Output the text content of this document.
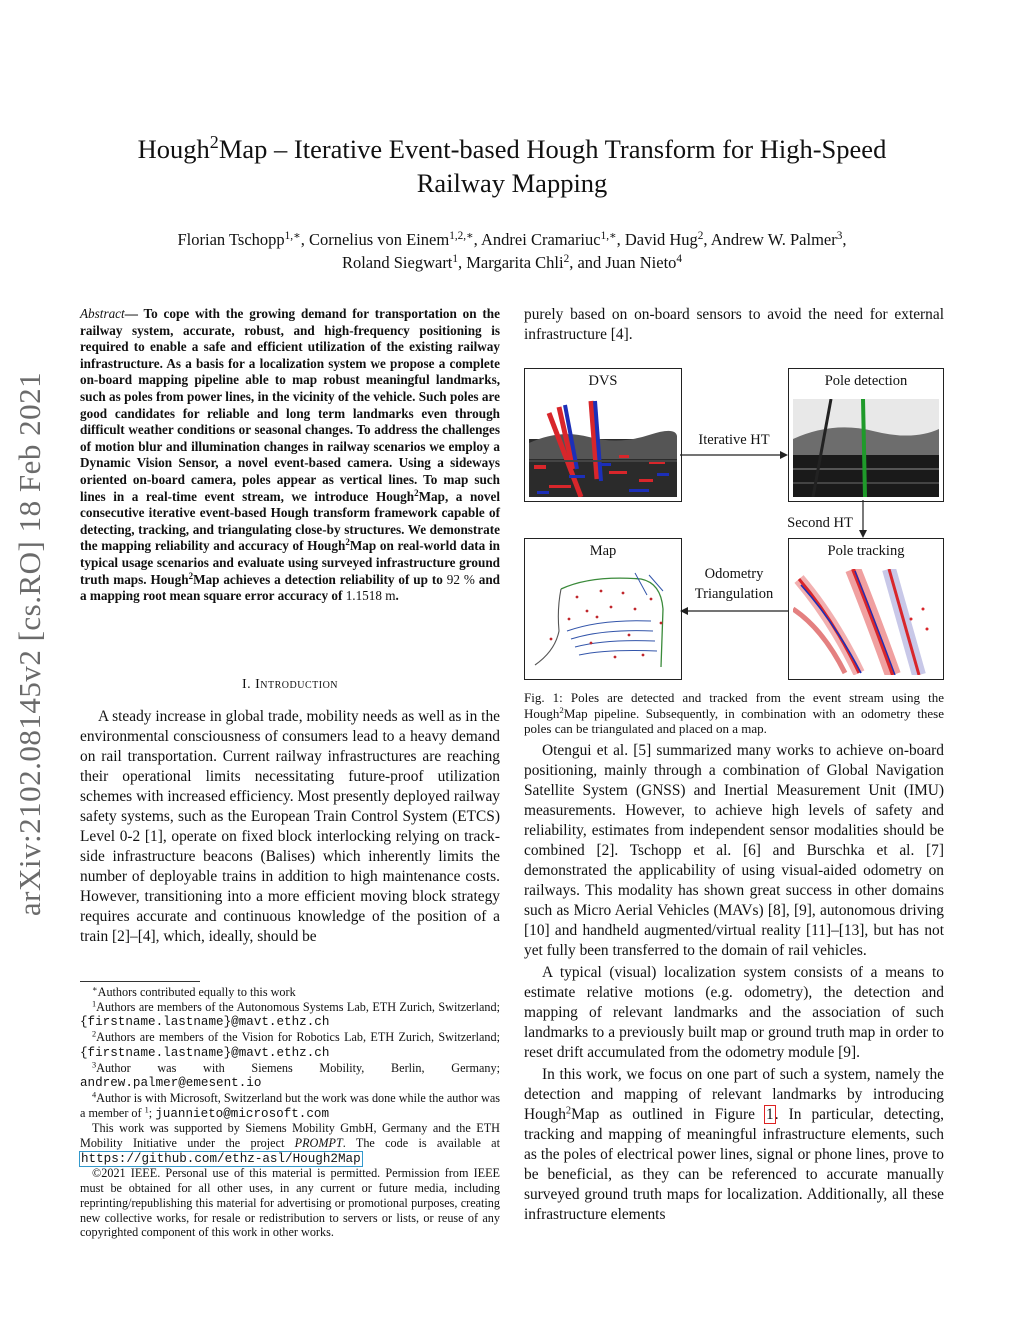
arXiv:2102.08145v2 [cs.RO] 18 Feb 2021
Hough$^2$Map – Iterative Event-based Hough Transform for High-Speed
Railway Mapping
Florian Tschopp$^{1,∗}$, Cornelius von Einem$^{1,2,∗}$, Andrei Cramariuc$^{1,∗}$, David Hug$^2$, Andrew W. Palmer$^3$,
Roland Siegwart$^1$, Margarita Chli$^2$, and Juan Nieto$^4$
Abstract— To cope with the growing demand for transportation on the railway system, accurate, robust, and high-frequency positioning is required to enable a safe and efficient utilization of the existing railway infrastructure. As a basis for a localization system we propose a complete on-board mapping pipeline able to map robust meaningful landmarks, such as poles from power lines, in the vicinity of the vehicle. Such poles are good candidates for reliable and long term landmarks even through difficult weather conditions or seasonal changes. To address the challenges of motion blur and illumination changes in railway scenarios we employ a Dynamic Vision Sensor, a novel event-based camera. Using a sideways oriented on-board camera, poles appear as vertical lines. To map such lines in a real-time event stream, we introduce Hough$^2$Map, a novel consecutive iterative event-based Hough transform framework capable of detecting, tracking, and triangulating close-by structures. We demonstrate the mapping reliability and accuracy of Hough$^2$Map on real-world data in typical usage scenarios and evaluate using surveyed infrastructure ground truth maps. Hough$^2$Map achieves a detection reliability of up to 92 % and a mapping root mean square error accuracy of 1.1518 m.
I. Introduction

A steady increase in global trade, mobility needs as well as in the environmental consciousness of consumers lead to a heavy demand on rail transportation. Current railway infrastructures are reaching their operational limits necessitating future-proof utilization schemes with increased efficiency. Most presently deployed railway safety systems, such as the European Train Control System (ETCS) Level 0-2 [1], operate on fixed block interlocking relying on track-side infrastructure beacons (Balises) which inherently limits the number of deployable trains in addition to high maintenance costs. However, transitioning into a more efficient moving block strategy requires accurate and continuous knowledge of the position of a train [2]–[4], which, ideally, should be

∗Authors contributed equally to this work

$^1$Authors are members of the Autonomous Systems Lab, ETH Zurich, Switzerland; {firstname.lastname}@mavt.ethz.ch

$^2$Authors are members of the Vision for Robotics Lab, ETH Zurich, Switzerland; {firstname.lastname}@mavt.ethz.ch

$^3$Author was with Siemens Mobility, Berlin, Germany; andrew.palmer@emesent.io

$^4$Author is with Microsoft, Switzerland but the work was done while the author was a member of $^1$; juannieto@microsoft.com

This work was supported by Siemens Mobility GmbH, Germany and the ETH Mobility Initiative under the project PROMPT. The code is available at https://github.com/ethz-asl/Hough2Map

©2021 IEEE. Personal use of this material is permitted. Permission from IEEE must be obtained for all other uses, in any current or future media, including reprinting/republishing this material for advertising or promotional purposes, creating new collective works, for resale or redistribution to servers or lists, or reuse of any copyrighted component of this work in other works.

purely based on on-board sensors to avoid the need for external infrastructure [4].

DVS
Iterative HT
Pole detection
Second HT
Map
Odometry
Triangulation
Pole tracking
Fig. 1: Poles are detected and tracked from the event stream using the Hough$^2$Map pipeline. Subsequently, in combination with an odometry these poles can be triangulated and placed on a map.

Otengui et al. [5] summarized many works to achieve on-board positioning, mainly through a combination of Global Navigation Satellite System (GNSS) and Inertial Measurement Unit (IMU) measurements. However, to achieve high levels of safety and reliability, estimates from independent sensor modalities should be combined [2]. Tschopp et al. [6] and Burschka et al. [7] demonstrated the applicability of using visual-aided odometry on railways. This modality has shown great success in other domains such as Micro Aerial Vehicles (MAVs) [8], [9], autonomous driving [10] and handheld augmented/virtual reality [11]–[13], but has not yet fully been transferred to the domain of rail vehicles.

A typical (visual) localization system consists of a means to estimate relative motions (e.g. odometry), the detection and mapping of relevant landmarks and the association of such landmarks to a previously built map or ground truth map in order to reset drift accumulated from the odometry module [9].

In this work, we focus on one part of such a system, namely the detection and mapping of relevant landmarks by introducing Hough$^2$Map as outlined in Figure 1. In particular, detecting, tracking and mapping of meaningful infrastructure elements, such as the poles of electrical power lines, signal or phone lines, prove to be beneficial, as they can be referenced to accurate manually surveyed ground truth maps for localization. Additionally, all these infrastructure elements
